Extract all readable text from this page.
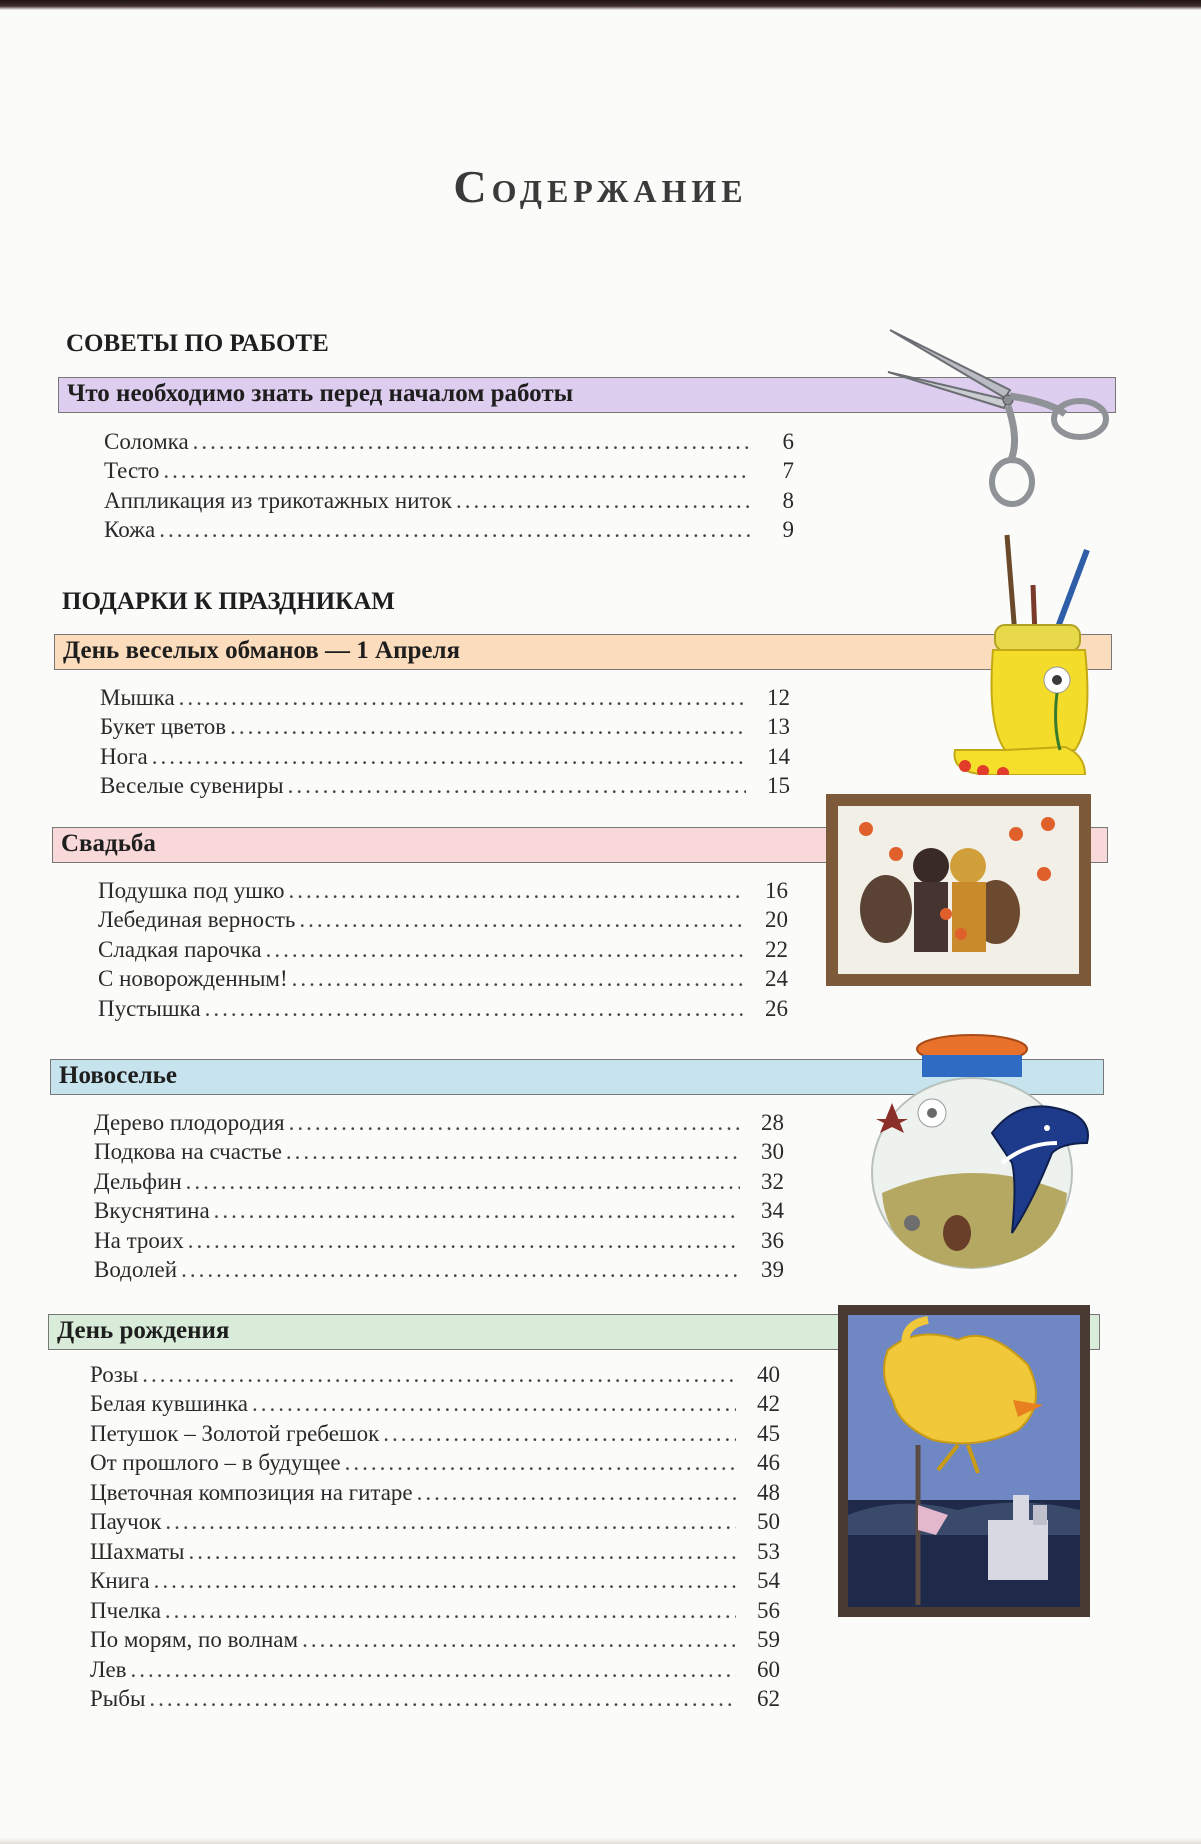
Содержание
СОВЕТЫ ПО РАБОТЕ
Что необходимо знать перед началом работы
Соломка .....	6
Тесто .....	7
Аппликация из трикотажных ниток .....	8
Кожа .....	9
ПОДАРКИ К ПРАЗДНИКАМ
День веселых обманов — 1 Апреля
Мышка .....	12
Букет цветов .....	13
Нога .....	14
Веселые сувениры .....	15
Свадьба
Подушка под ушко .....	16
Лебединая верность .....	20
Сладкая парочка .....	22
С новорожденным! .....	24
Пустышка .....	26
Новоселье
Дерево плодородия .....	28
Подкова на счастье .....	30
Дельфин .....	32
Вкуснятина .....	34
На троих .....	36
Водолей .....	39
День рождения
Розы .....	40
Белая кувшинка .....	42
Петушок – Золотой гребешок .....	45
От прошлого – в будущее .....	46
Цветочная композиция на гитаре .....	48
Паучок .....	50
Шахматы .....	53
Книга .....	54
Пчелка .....	56
По морям, по волнам .....	59
Лев .....	60
Рыбы .....	62
